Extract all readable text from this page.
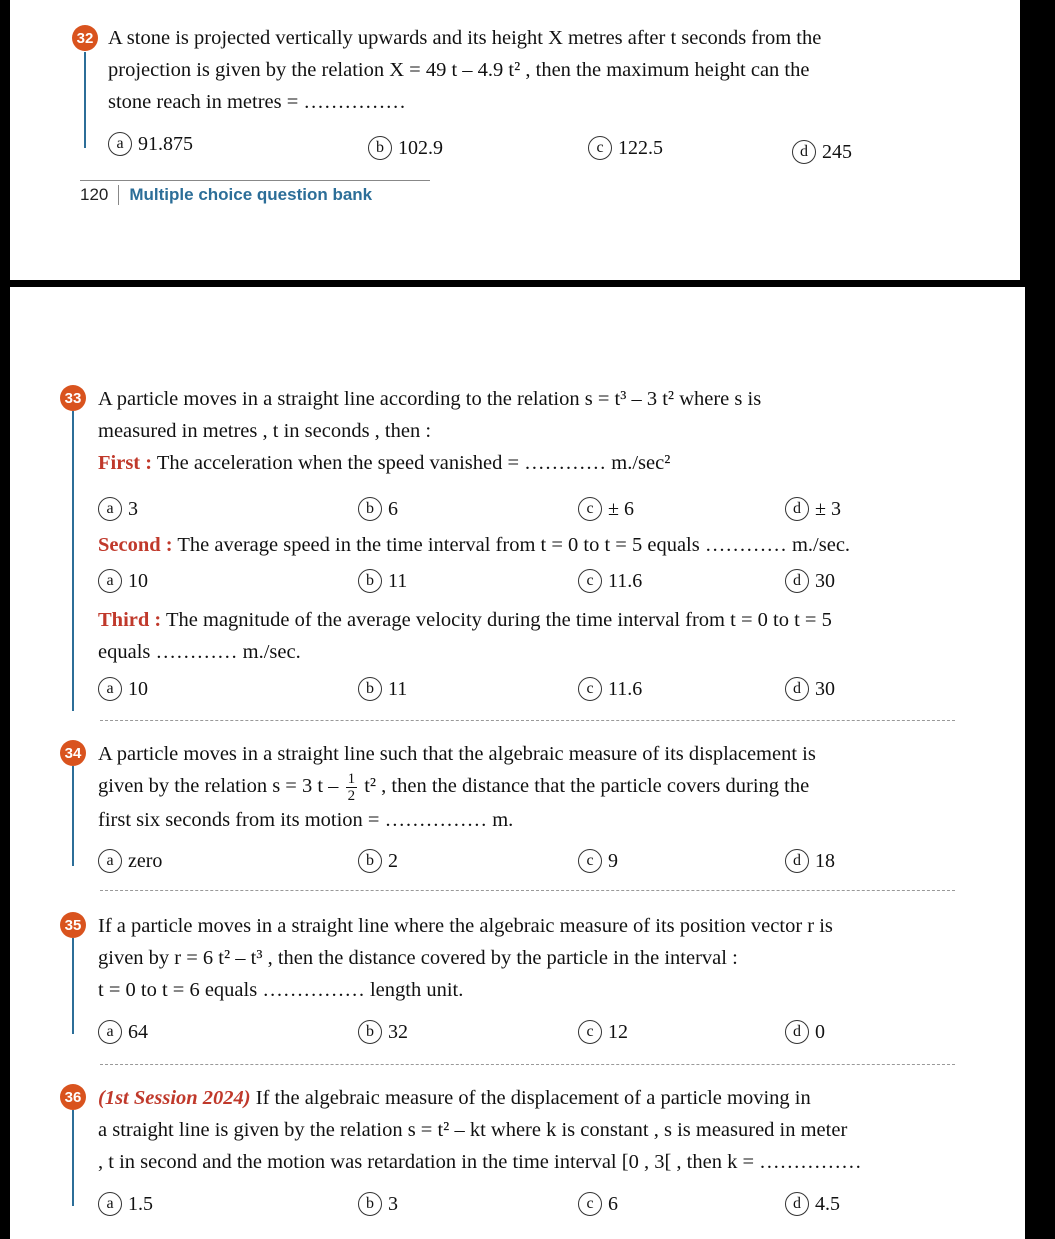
32 A stone is projected vertically upwards and its height X metres after t seconds from the

projection is given by the relation X = 49 t – 4.9 t² , then the maximum height can the

stone reach in metres = ……………

a 91.875	b 102.9	c 122.5	d 245
120 Multiple choice question bank
33 A particle moves in a straight line according to the relation s = t³ – 3 t² where s is

measured in metres , t in seconds , then :

First : The acceleration when the speed vanished = ………… m./sec²

a 3	b 6	c ± 6	d ± 3

Second : The average speed in the time interval from t = 0 to t = 5 equals ………… m./sec.

a 10	b 11	c 11.6	d 30

Third : The magnitude of the average velocity during the time interval from t = 0 to t = 5

equals ………… m./sec.

a 10	b 11	c 11.6	d 30
34 A particle moves in a straight line such that the algebraic measure of its displacement is

given by the relation s = 3 t – $\frac{1}{2} t^2$ , then the distance that the particle covers during the

first six seconds from its motion = …………… m.

a zero	b 2	c 9	d 18
35 If a particle moves in a straight line where the algebraic measure of its position vector r is

given by r = 6 t² – t³ , then the distance covered by the particle in the interval :

t = 0 to t = 6 equals …………… length unit.

a 64	b 32	c 12	d 0
36 (1st Session 2024) If the algebraic measure of the displacement of a particle moving in

a straight line is given by the relation s = t² – kt where k is constant , s is measured in meter

, t in second and the motion was retardation in the time interval [0 , 3[ , then k = ……………

a 1.5	b 3	c 6	d 4.5
